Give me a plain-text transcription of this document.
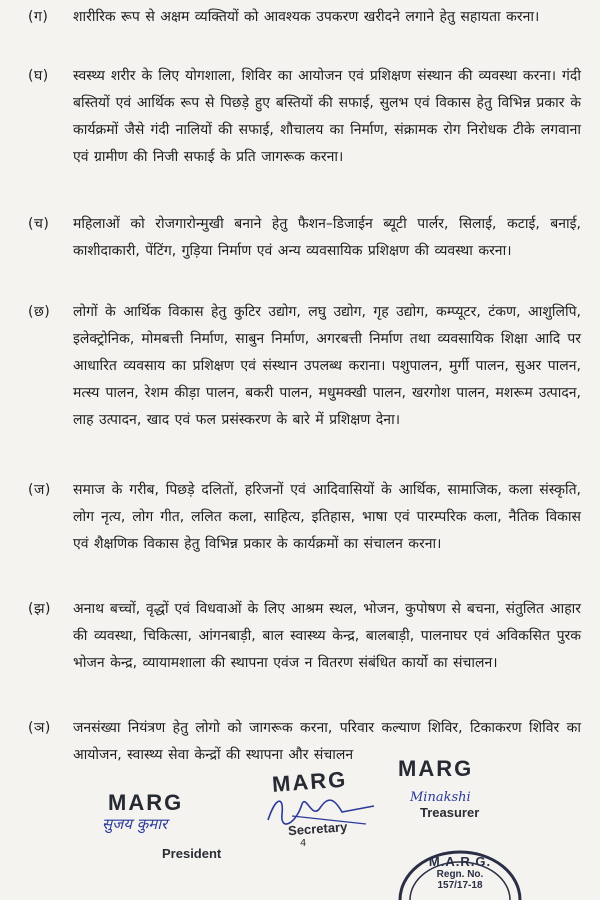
(ग)	शारीरिक रूप से अक्षम व्यक्तियों को आवश्यक उपकरण खरीदने लगाने हेतु सहायता करना।
(घ)	स्वस्थ्य शरीर के लिए योगशाला, शिविर का आयोजन एवं प्रशिक्षण संस्थान की व्यवस्था करना। गंदी बस्तियों एवं आर्थिक रूप से पिछड़े हुए बस्तियों की सफाई, सुलभ एवं विकास हेतु विभिन्न प्रकार के कार्यक्रमों जैसे गंदी नालियों की सफाई, शौचालय का निर्माण, संक्रामक रोग निरोधक टीके लगवाना एवं ग्रामीण की निजी सफाई के प्रति जागरूक करना।
(च)	महिलाओं को रोजगारोन्मुखी बनाने हेतु फैशन–डिजाईन ब्यूटी पार्लर, सिलाई, कटाई, बनाई, काशीदाकारी, पेंटिंग, गुड़िया निर्माण एवं अन्य व्यवसायिक प्रशिक्षण की व्यवस्था करना।
(छ)	लोगों के आर्थिक विकास हेतु कुटिर उद्योग, लघु उद्योग, गृह उद्योग, कम्प्यूटर, टंकण, आशुलिपि, इलेक्ट्रोनिक, मोमबत्ती निर्माण, साबुन निर्माण, अगरबत्ती निर्माण तथा व्यवसायिक शिक्षा आदि पर आधारित व्यवसाय का प्रशिक्षण एवं संस्थान उपलब्ध कराना। पशुपालन, मुर्गी पालन, सुअर पालन, मत्स्य पालन, रेशम कीड़ा पालन, बकरी पालन, मधुमक्खी पालन, खरगोश पालन, मशरूम उत्पादन, लाह उत्पादन, खाद एवं फल प्रसंस्करण के बारे में प्रशिक्षण देना।
(ज)	समाज के गरीब, पिछड़े दलितों, हरिजनों एवं आदिवासियों के आर्थिक, सामाजिक, कला संस्कृति, लोग नृत्य, लोग गीत, ललित कला, साहित्य, इतिहास, भाषा एवं पारम्परिक कला, नैतिक विकास एवं शैक्षणिक विकास हेतु विभिन्न प्रकार के कार्यक्रमों का संचालन करना।
(झ)	अनाथ बच्चों, वृद्धों एवं विधवाओं के लिए आश्रम स्थल, भोजन, कुपोषण से बचना, संतुलित आहार की व्यवस्था, चिकित्सा, आंगनबाड़ी, बाल स्वास्थ्य केन्द्र, बालबाड़ी, पालनाघर एवं अविकसित पुरक भोजन केन्द्र, व्यायामशाला की स्थापना एवंज न वितरण संबंधित कार्यो का संचालन।
(ञ)	जनसंख्या नियंत्रण हेतु लोगो को जागरूक करना, परिवार कल्याण शिविर, टिकाकरण शिविर का आयोजन, स्वास्थ्य सेवा केन्द्रों की स्थापना और संचालन
MARG
सुजय कुमार
President
MARG
Secretary
MARG
Minakshi
Treasurer
4
M.A.R.G.
Regn. No.
157/17-18
